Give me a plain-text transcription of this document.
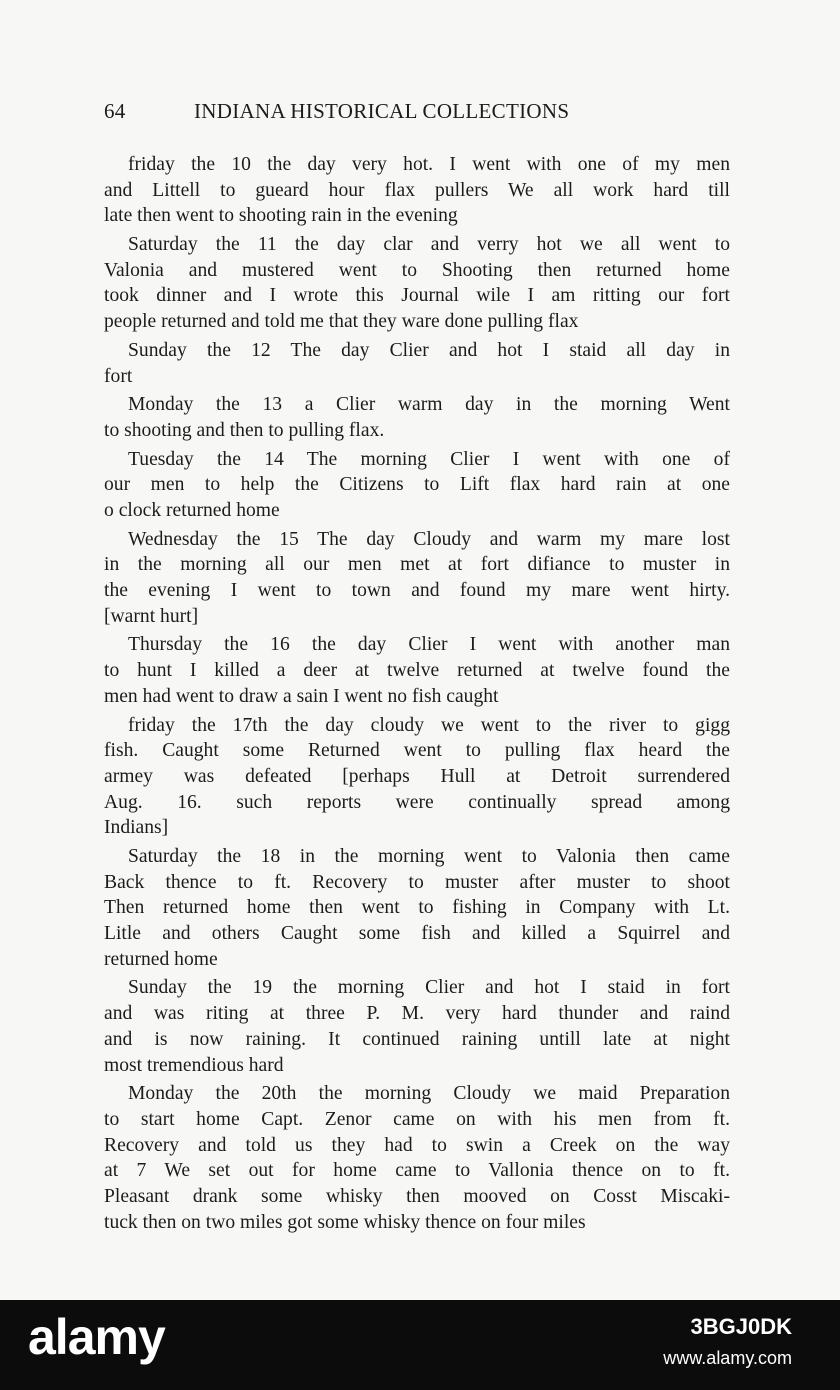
64	INDIANA HISTORICAL COLLECTIONS
friday the 10 the day very hot. I went with one of my men
and Littell to gueard hour flax pullers We all work hard till
late then went to shooting rain in the evening
Saturday the 11 the day clar and verry hot we all went to
Valonia and mustered went to Shooting then returned home
took dinner and I wrote this Journal wile I am ritting our fort
people returned and told me that they ware done pulling flax
Sunday the 12 The day Clier and hot I staid all day in
fort
Monday the 13 a Clier warm day in the morning Went
to shooting and then to pulling flax.
Tuesday the 14 The morning Clier I went with one of
our men to help the Citizens to Lift flax hard rain at one
o clock returned home
Wednesday the 15 The day Cloudy and warm my mare lost
in the morning all our men met at fort difiance to muster in
the evening I went to town and found my mare went hirty.
[warnt hurt]
Thursday the 16 the day Clier I went with another man
to hunt I killed a deer at twelve returned at twelve found the
men had went to draw a sain I went no fish caught
friday the 17th the day cloudy we went to the river to gigg
fish. Caught some Returned went to pulling flax heard the
armey was defeated [perhaps Hull at Detroit surrendered
Aug. 16. such reports were continually spread among
Indians]
Saturday the 18 in the morning went to Valonia then came
Back thence to ft. Recovery to muster after muster to shoot
Then returned home then went to fishing in Company with Lt.
Litle and others Caught some fish and killed a Squirrel and
returned home
Sunday the 19 the morning Clier and hot I staid in fort
and was riting at three P. M. very hard thunder and raind
and is now raining. It continued raining untill late at night
most tremendious hard
Monday the 20th the morning Cloudy we maid Preparation
to start home Capt. Zenor came on with his men from ft.
Recovery and told us they had to swin a Creek on the way
at 7 We set out for home came to Vallonia thence on to ft.
Pleasant drank some whisky then mooved on Cosst Miscaki-
tuck then on two miles got some whisky thence on four miles
alamy	3BGJ0DK
www.alamy.com
